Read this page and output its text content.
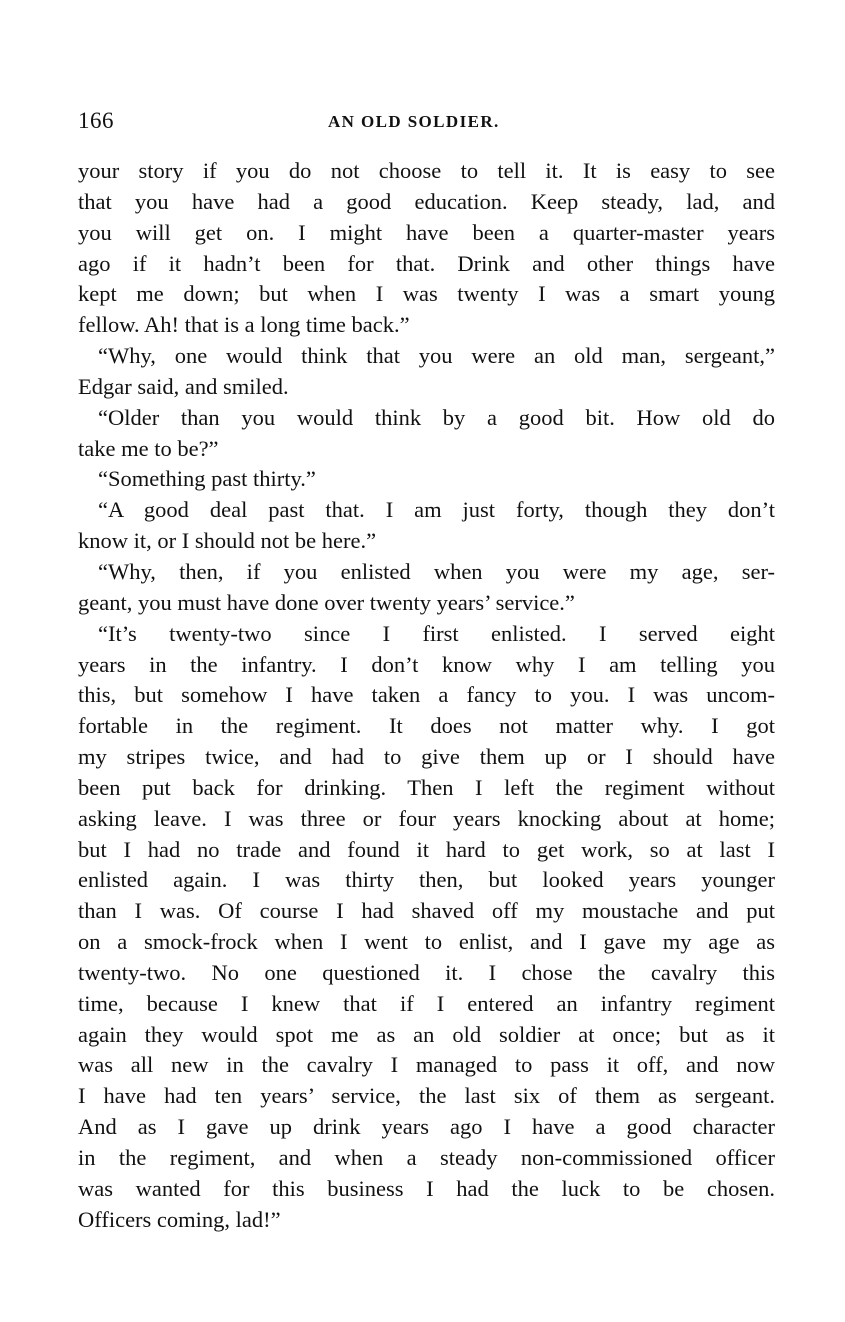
166	AN OLD SOLDIER.
your story if you do not choose to tell it. It is easy to see
that you have had a good education. Keep steady, lad, and
you will get on. I might have been a quarter-master years
ago if it hadn’t been for that. Drink and other things have
kept me down; but when I was twenty I was a smart young
fellow. Ah! that is a long time back.”
“Why, one would think that you were an old man, sergeant,”
Edgar said, and smiled.
“Older than you would think by a good bit. How old do
take me to be?”
“Something past thirty.”
“A good deal past that. I am just forty, though they don’t
know it, or I should not be here.”
“Why, then, if you enlisted when you were my age, ser-
geant, you must have done over twenty years’ service.”
“It’s twenty-two since I first enlisted. I served eight
years in the infantry. I don’t know why I am telling you
this, but somehow I have taken a fancy to you. I was uncom-
fortable in the regiment. It does not matter why. I got
my stripes twice, and had to give them up or I should have
been put back for drinking. Then I left the regiment without
asking leave. I was three or four years knocking about at home;
but I had no trade and found it hard to get work, so at last I
enlisted again. I was thirty then, but looked years younger
than I was. Of course I had shaved off my moustache and put
on a smock-frock when I went to enlist, and I gave my age as
twenty-two. No one questioned it. I chose the cavalry this
time, because I knew that if I entered an infantry regiment
again they would spot me as an old soldier at once; but as it
was all new in the cavalry I managed to pass it off, and now
I have had ten years’ service, the last six of them as sergeant.
And as I gave up drink years ago I have a good character
in the regiment, and when a steady non-commissioned officer
was wanted for this business I had the luck to be chosen.
Officers coming, lad!”
